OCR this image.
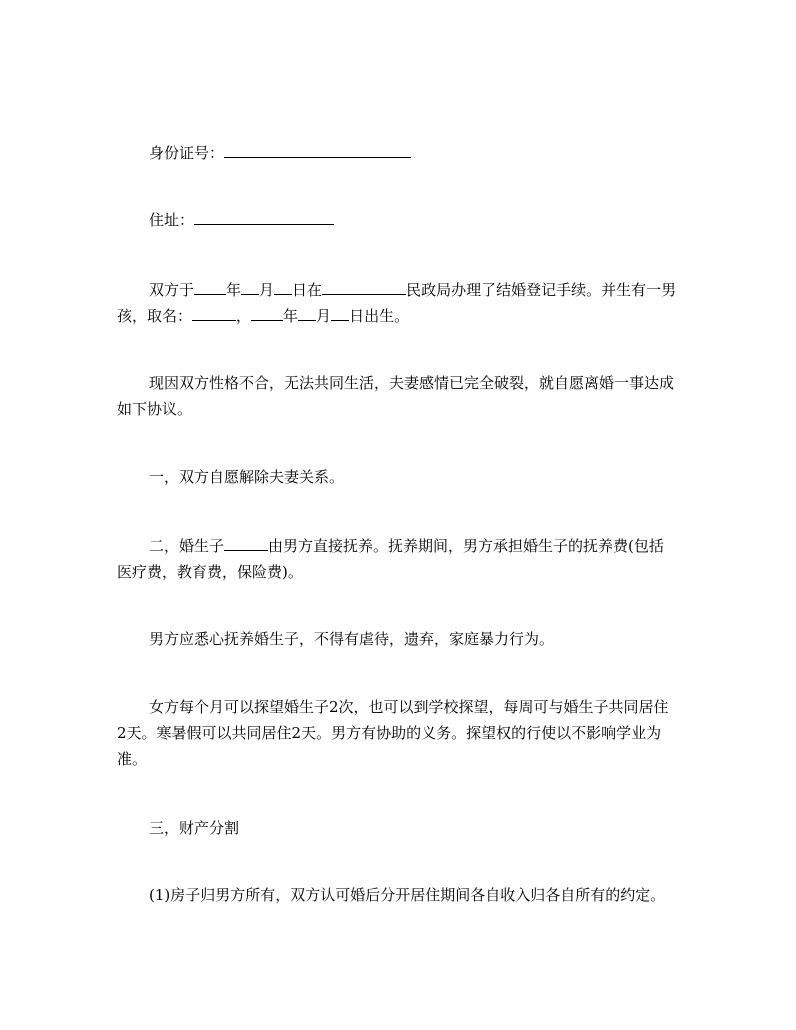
身份证号：
住址：
双方于 年 月 日在	民政局办理了结婚登记手续。并生有一男孩，取名：	， 年 月 日出生。
现因双方性格不合，无法共同生活，夫妻感情已完全破裂，就自愿离婚一事达成如下协议。
一，双方自愿解除夫妻关系。
二，婚生子	由男方直接抚养。抚养期间，男方承担婚生子的抚养费(包括医疗费，教育费，保险费)。
男方应悉心抚养婚生子，不得有虐待，遗弃，家庭暴力行为。
女方每个月可以探望婚生子2次，也可以到学校探望，每周可与婚生子共同居住2天。寒暑假可以共同居住2天。男方有协助的义务。探望权的行使以不影响学业为准。
三，财产分割
(1)房子归男方所有，双方认可婚后分开居住期间各自收入归各自所有的约定。
